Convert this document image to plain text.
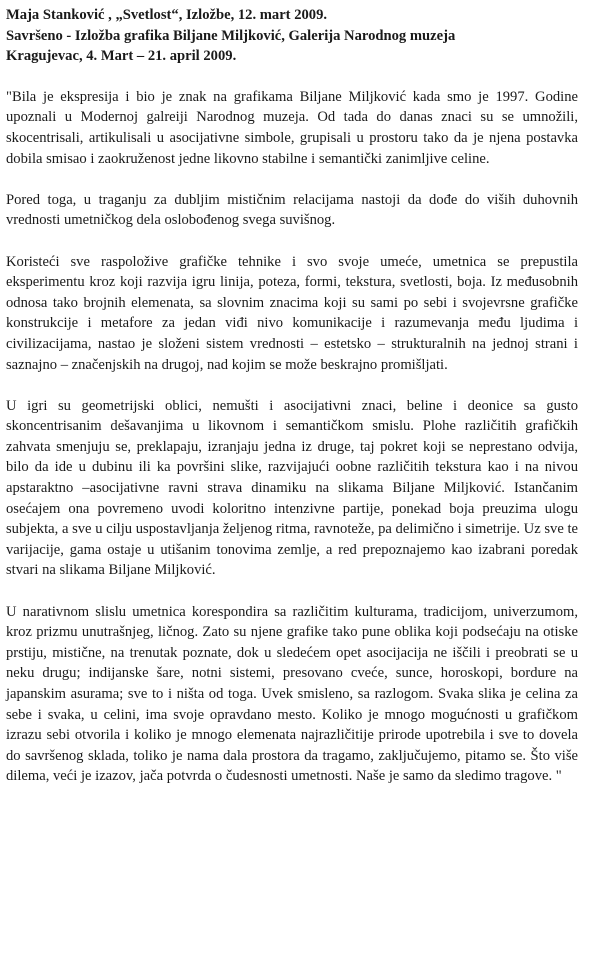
Maja Stanković , „Svetlost“, Izložbe, 12. mart 2009.
Savršeno - Izložba grafika Biljane Miljković, Galerija Narodnog muzeja
Kragujevac, 4. Mart – 21. april 2009.

"Bila je ekspresija i bio je znak na grafikama Biljane Miljković kada smo je 1997. Godine upoznali u Modernoj galreiji Narodnog muzeja. Od tada do danas znaci su se umnožili, skocentrisali, artikulisali u asocijativne simbole, grupisali u prostoru tako da je njena postavka dobila smisao i zaokruženost jedne likovno stabilne i semantički zanimljive celine.

Pored toga, u traganju za dubljim mističnim relacijama nastoji da dođe do viših duhovnih vrednosti umetničkog dela oslobođenog svega suvišnog.

Koristeći sve raspoložive grafičke tehnike i svo svoje umeće, umetnica se prepustila eksperimentu kroz koji razvija igru linija, poteza, formi, tekstura, svetlosti, boja. Iz međusobnih odnosa tako brojnih elemenata, sa slovnim znacima koji su sami po sebi i svojevrsne grafičke konstrukcije i metafore za jedan viđi nivo komunikacije i razumevanja među ljudima i civilizacijama, nastao je složeni sistem vrednosti – estetsko – strukturalnih na jednoj strani i saznajno – značenjskih na drugoj, nad kojim se može beskrajno promišljati.

U igri su geometrijski oblici, nemušti i asocijativni znaci, beline i deonice sa gusto skoncentrisanim dešavanjima u likovnom i semantičkom smislu. Plohe različitih grafičkih zahvata smenjuju se, preklapaju, izranjaju jedna iz druge, taj pokret koji se neprestano odvija, bilo da ide u dubinu ili ka površini slike, razvijajući oobne različitih tekstura kao i na nivou apstaraktno –asocijativne ravni strava dinamiku na slikama Biljane Miljković. Istančanim osećajem ona povremeno uvodi koloritno intenzivne partije, ponekad boja preuzima ulogu subjekta, a sve u cilju uspostavljanja željenog ritma, ravnoteže, pa delimično i simetrije. Uz sve te varijacije, gama ostaje u utišanim tonovima zemlje, a red prepoznajemo kao izabrani poredak stvari na slikama Biljane Miljković.

U narativnom slislu umetnica korespondira sa različitim kulturama, tradicijom, univerzumom, kroz prizmu unutrašnjeg, ličnog. Zato su njene grafike tako pune oblika koji podsećaju na otiske prstiju, mistične, na trenutak poznate, dok u sledećem opet asocijacija ne iščili i preobrati se u neku drugu; indijanske šare, notni sistemi, presovano cveće, sunce, horoskopi, bordure na japanskim asurama; sve to i ništa od toga. Uvek smisleno, sa razlogom. Svaka slika je celina za sebe i svaka, u celini, ima svoje opravdano mesto. Koliko je mnogo mogućnosti u grafičkom izrazu sebi otvorila i koliko je mnogo elemenata najrazličitije prirode upotrebila i sve to dovela do savršenog sklada, toliko je nama dala prostora da tragamo, zaključujemo, pitamo se. Što više dilema, veći je izazov, jača potvrda o čudesnosti umetnosti. Naše je samo da sledimo tragove. "
